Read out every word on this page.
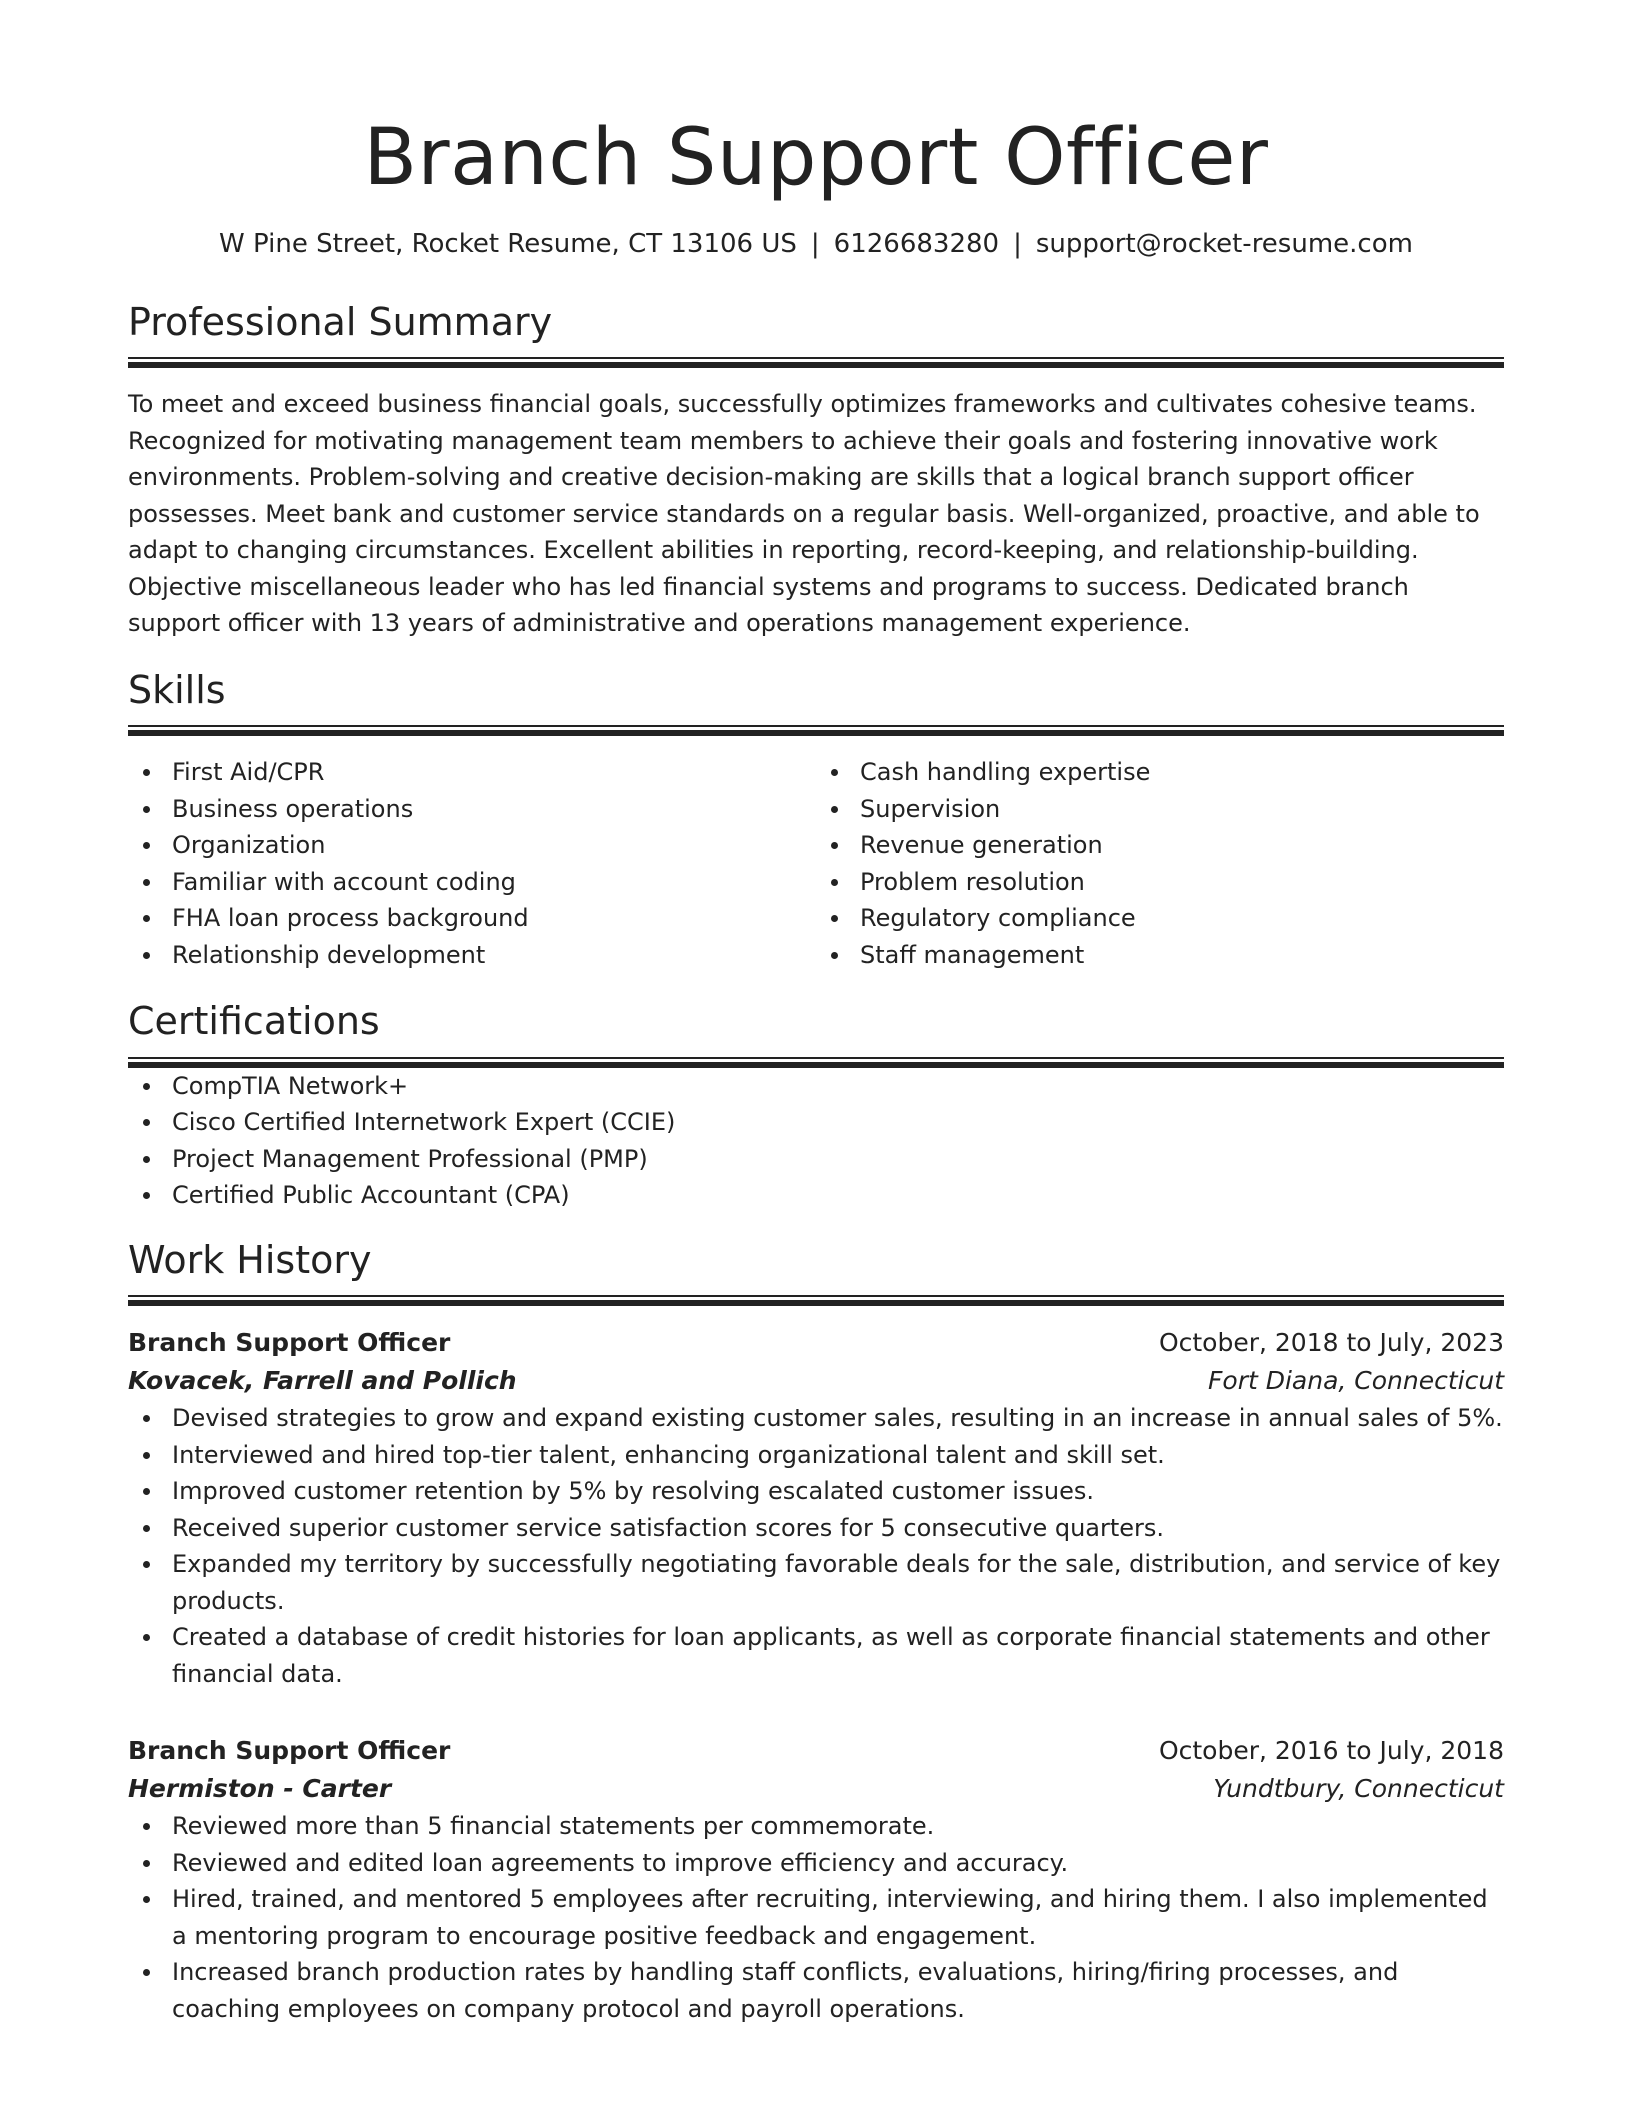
Branch Support Officer
W Pine Street, Rocket Resume, CT 13106 US | 6126683280 | support@rocket-resume.com
Professional Summary

To meet and exceed business financial goals, successfully optimizes frameworks and cultivates cohesive teams. Recognized for motivating management team members to achieve their goals and fostering innovative work environments. Problem-solving and creative decision-making are skills that a logical branch support officer possesses. Meet bank and customer service standards on a regular basis. Well-organized, proactive, and able to adapt to changing circumstances. Excellent abilities in reporting, record-keeping, and relationship-building. Objective miscellaneous leader who has led financial systems and programs to success. Dedicated branch support officer with 13 years of administrative and operations management experience.

Skills
First Aid/CPR
Business operations
Organization
Familiar with account coding
FHA loan process background
Relationship development
Cash handling expertise
Supervision
Revenue generation
Problem resolution
Regulatory compliance
Staff management
Certifications
CompTIA Network+
Cisco Certified Internetwork Expert (CCIE)
Project Management Professional (PMP)
Certified Public Accountant (CPA)
Work History
Branch Support Officer	October, 2018 to July, 2023
Kovacek, Farrell and Pollich	Fort Diana, Connecticut
Devised strategies to grow and expand existing customer sales, resulting in an increase in annual sales of 5%.
Interviewed and hired top-tier talent, enhancing organizational talent and skill set.
Improved customer retention by 5% by resolving escalated customer issues.
Received superior customer service satisfaction scores for 5 consecutive quarters.
Expanded my territory by successfully negotiating favorable deals for the sale, distribution, and service of key products.
Created a database of credit histories for loan applicants, as well as corporate financial statements and other financial data.
Branch Support Officer	October, 2016 to July, 2018
Hermiston - Carter	Yundtbury, Connecticut
Reviewed more than 5 financial statements per commemorate.
Reviewed and edited loan agreements to improve efficiency and accuracy.
Hired, trained, and mentored 5 employees after recruiting, interviewing, and hiring them. I also implemented a mentoring program to encourage positive feedback and engagement.
Increased branch production rates by handling staff conflicts, evaluations, hiring/firing processes, and coaching employees on company protocol and payroll operations.
